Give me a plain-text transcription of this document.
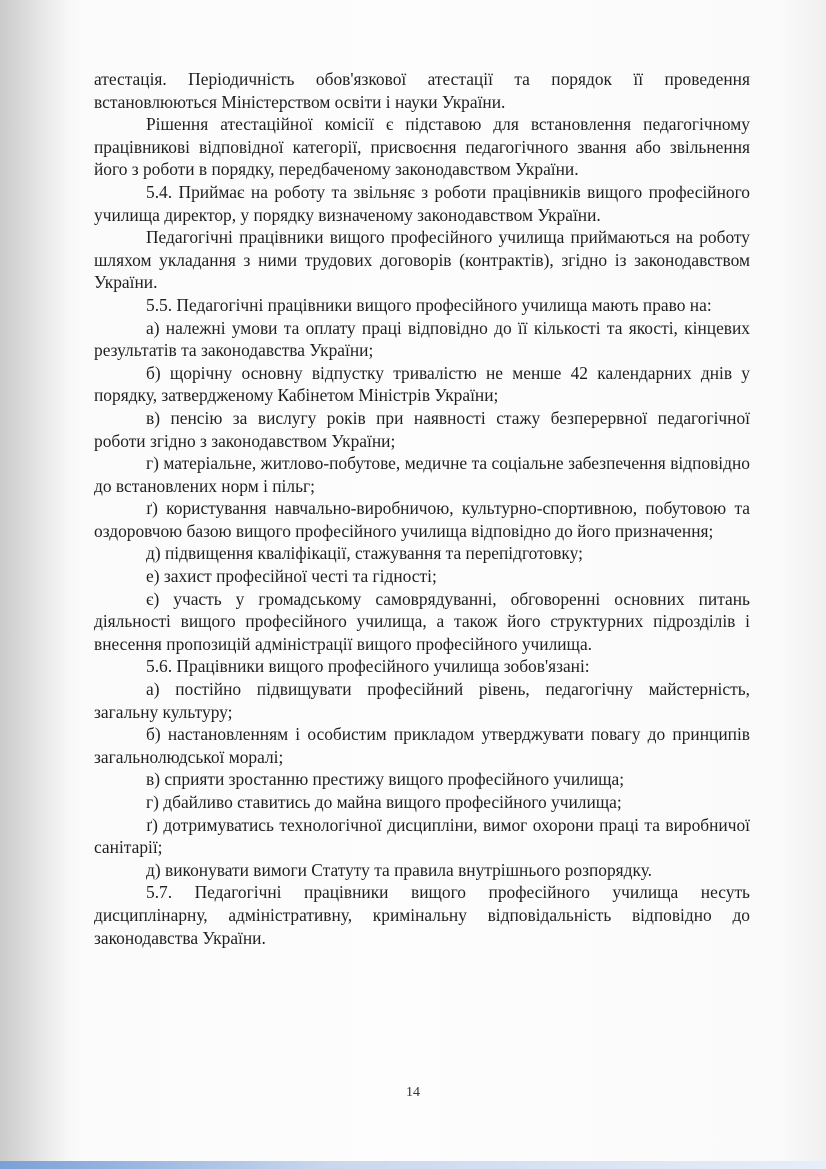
атестація. Періодичність обов'язкової атестації та порядок її проведення встановлюються Міністерством освіти і науки України.

Рішення атестаційної комісії є підставою для встановлення педагогічному працівникові відповідної категорії, присвоєння педагогічного звання або звільнення його з роботи в порядку, передбаченому законодавством України.

5.4. Приймає на роботу та звільняє з роботи працівників вищого професійного училища директор, у порядку визначеному законодавством України.

Педагогічні працівники вищого професійного училища приймаються на роботу шляхом укладання з ними трудових договорів (контрактів), згідно із законодавством України.

5.5. Педагогічні працівники вищого професійного училища мають право на:

а) належні умови та оплату праці відповідно до її кількості та якості, кінцевих результатів та законодавства України;

б) щорічну основну відпустку тривалістю не менше 42 календарних днів у порядку, затвердженому Кабінетом Міністрів України;

в) пенсію за вислугу років при наявності стажу безперервної педагогічної роботи згідно з законодавством України;

г) матеріальне, житлово-побутове, медичне та соціальне забезпечення відповідно до встановлених норм і пільг;

ґ) користування навчально-виробничою, культурно-спортивною, побутовою та оздоровчою базою вищого професійного училища відповідно до його призначення;

д) підвищення кваліфікації, стажування та перепідготовку;

е) захист професійної честі та гідності;

є) участь у громадському самоврядуванні, обговоренні основних питань діяльності вищого професійного училища, а також його структурних підрозділів і внесення пропозицій адміністрації вищого професійного училища.

5.6. Працівники вищого професійного училища зобов'язані:

а) постійно підвищувати професійний рівень, педагогічну майстерність, загальну культуру;

б) настановленням і особистим прикладом утверджувати повагу до принципів загальнолюдської моралі;

в) сприяти зростанню престижу вищого професійного училища;

г) дбайливо ставитись до майна вищого професійного училища;

ґ) дотримуватись технологічної дисципліни, вимог охорони праці та виробничої санітарії;

д) виконувати вимоги Статуту та правила внутрішнього розпорядку.

5.7. Педагогічні працівники вищого професійного училища несуть дисциплінарну, адміністративну, кримінальну відповідальність відповідно до законодавства України.

14
